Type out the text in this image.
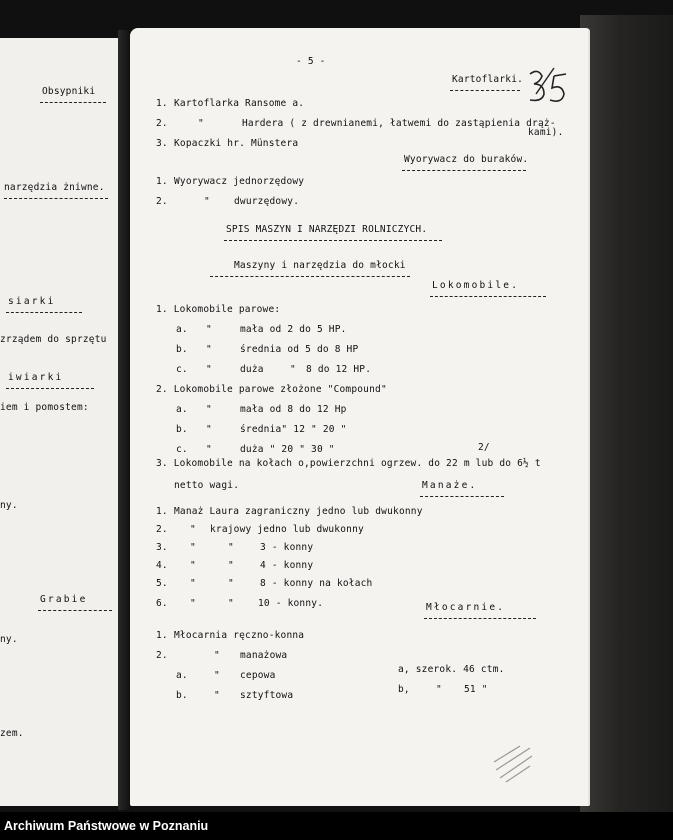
Obsypniki
narzędzia żniwne.
siarki
zrządem do sprzętu
iwiarki
iem i pomostem:
ny.
Grabie
ny.
zem.
- 5 -
Kartoflarki.
1. Kartoflarka Ransome a.
2.	"	Hardera ( z drewnianemi, łatwemi do zastąpienia drąż-
kami).
3. Kopaczki hr. Münstera
Wyorywacz do buraków.
1. Wyorywacz jednorzędowy
2.	"	dwurzędowy.
SPIS MASZYN I NARZĘDZI ROLNICZYCH.
Maszyny i narzędzia do młocki
Lokomobile.
1. Lokomobile parowe:
a. "	mała od 2 do 5 HP.
b. "	średnia od 5 do 8 HP
c. "	duża	" 8 do 12 HP.
2. Lokomobile parowe złożone "Compound"
a. "	mała od 8 do 12 Hp
b. "	średnia" 12 " 20 "
c. "	duża " 20 " 30 "	2/
3. Lokomobile na kołach o,powierzchni ogrzew. do 22 m lub do 6½ t
netto wagi.	Manaże.
1. Manaż Laura zagraniczny jedno lub dwukonny
2. " krajowy jedno lub dwukonny
3. "	"	3 - konny
4. "	"	4 - konny
5. "	"	8 - konny na kołach
6. "	"	10 - konny.	Młocarnie.
1. Młocarnia ręczno-konna
2.	" manażowa
a.	" cepowa
b.	" sztyftowa
a, szerok. 46 ctm.
b,	" 51 "
Archiwum Państwowe w Poznaniu
